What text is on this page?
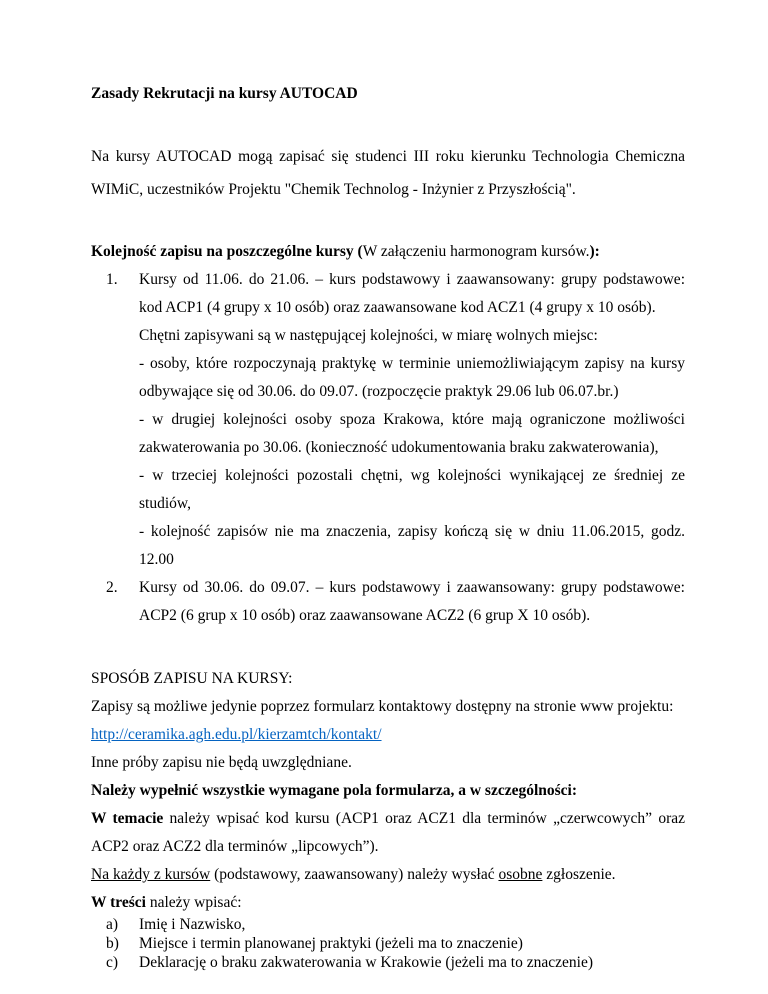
Zasady Rekrutacji na kursy AUTOCAD
Na kursy AUTOCAD mogą zapisać się studenci III roku kierunku Technologia Chemiczna
WIMiC, uczestników Projektu "Chemik Technolog - Inżynier z Przyszłością".
Kolejność zapisu na poszczególne kursy (W załączeniu harmonogram kursów.):
1. Kursy od 11.06. do 21.06. – kurs podstawowy i zaawansowany: grupy podstawowe:
kod ACP1 (4 grupy x 10 osób) oraz zaawansowane kod ACZ1 (4 grupy x 10 osób).
Chętni zapisywani są w następującej kolejności, w miarę wolnych miejsc:
- osoby, które rozpoczynają praktykę w terminie uniemożliwiającym zapisy na kursy
odbywające się od 30.06. do 09.07. (rozpoczęcie praktyk 29.06 lub 06.07.br.)
- w drugiej kolejności osoby spoza Krakowa, które mają ograniczone możliwości
zakwaterowania po 30.06. (konieczność udokumentowania braku zakwaterowania),
- w trzeciej kolejności pozostali chętni, wg kolejności wynikającej ze średniej ze
studiów,
- kolejność zapisów nie ma znaczenia, zapisy kończą się w dniu 11.06.2015, godz.
12.00
2. Kursy od 30.06. do 09.07. – kurs podstawowy i zaawansowany: grupy podstawowe:
ACP2 (6 grup x 10 osób) oraz zaawansowane ACZ2 (6 grup X 10 osób).
SPOSÓB ZAPISU NA KURSY:
Zapisy są możliwe jedynie poprzez formularz kontaktowy dostępny na stronie www projektu:
http://ceramika.agh.edu.pl/kierzamtch/kontakt/
Inne próby zapisu nie będą uwzględniane.
Należy wypełnić wszystkie wymagane pola formularza, a w szczególności:
W temacie należy wpisać kod kursu (ACP1 oraz ACZ1 dla terminów „czerwcowych” oraz
ACP2 oraz ACZ2 dla terminów „lipcowych”).
Na każdy z kursów (podstawowy, zaawansowany) należy wysłać osobne zgłoszenie.
W treści należy wpisać:
a) Imię i Nazwisko,
b) Miejsce i termin planowanej praktyki (jeżeli ma to znaczenie)
c) Deklarację o braku zakwaterowania w Krakowie (jeżeli ma to znaczenie)
